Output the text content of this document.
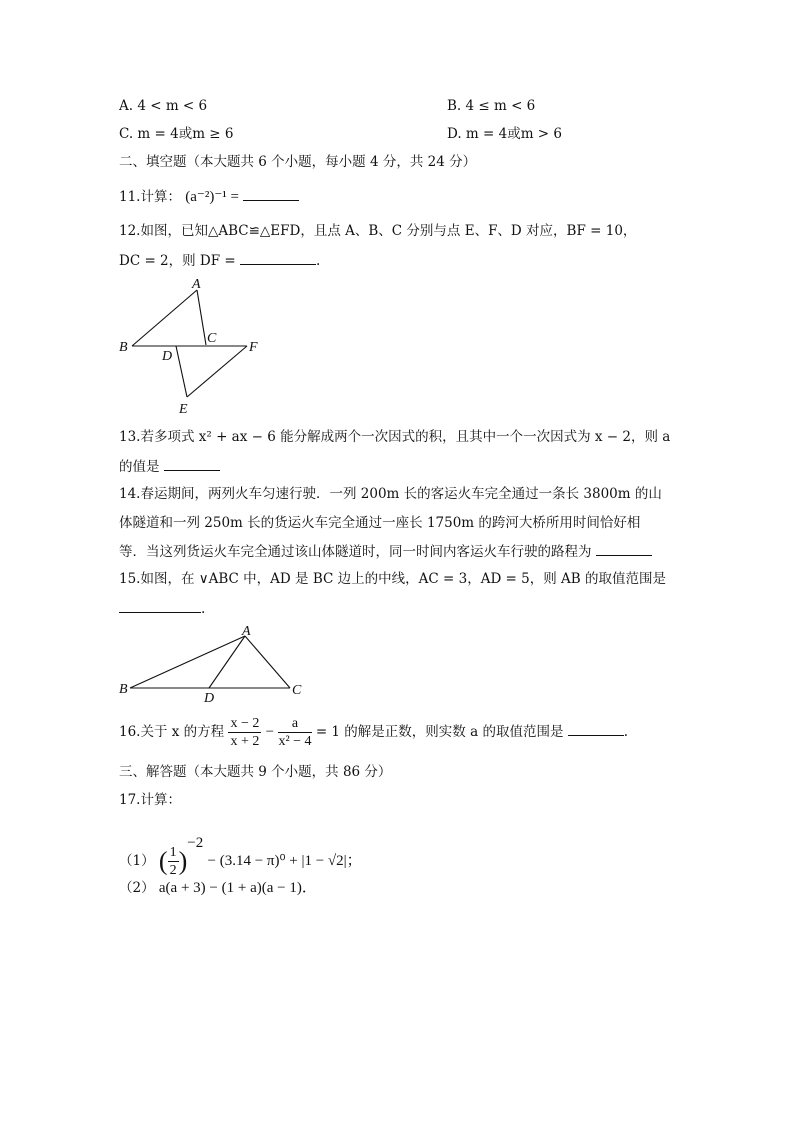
A. 4 < m < 6	B. 4 ≤ m < 6
C. m = 4或m ≥ 6	D. m = 4或m > 6
二、填空题（本大题共 6 个小题，每小题 4 分，共 24 分）
11.计算： (a⁻²)⁻¹ =
12.如图，已知△ABC≌△EFD，且点 A、B、C 分别与点 E、F、D 对应，BF = 10，
DC = 2，则 DF =	.
A
B
C
D
E
F
13.若多项式 x² + ax − 6 能分解成两个一次因式的积，且其中一个一次因式为 x − 2，则 a
的值是
14.春运期间，两列火车匀速行驶．一列 200m 长的客运火车完全通过一条长 3800m 的山
体隧道和一列 250m 长的货运火车完全通过一座长 1750m 的跨河大桥所用时间恰好相
等．当这列货运火车完全通过该山体隧道时，同一时间内客运火车行驶的路程为
15.如图，在 ∨ABC 中，AD 是 BC 边上的中线，AC = 3，AD = 5，则 AB 的取值范围是
.
A
B	C
D
16.关于 x 的方程 $\frac{x - 2}{x + 2} - \frac{a}{\text{x² − 4}} = 1$ 的解是正数，则实数 a 的取值范围是	.
三、解答题（本大题共 9 个小题，共 86 分）
17.计算：
（1） ( $\frac{1}{2} )^{-2} - (3.14 - \pi)^0 + |1 - √2|$；
（2） a(a + 3) − (1 + a)(a − 1)．
